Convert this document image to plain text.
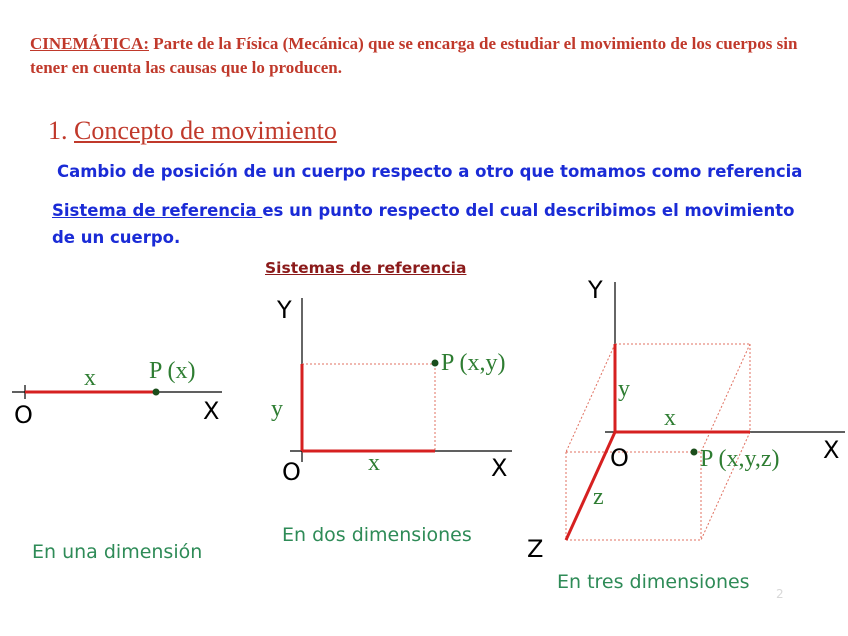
CINEMÁTICA: Parte de la Física (Mecánica) que se encarga de estudiar el movimiento de los cuerpos sin tener en cuenta las causas que lo producen.
1. Concepto de movimiento
Cambio de posición de un cuerpo respecto a otro que tomamos como referencia
Sistema de referencia es un punto respecto del cual describimos el movimiento de un cuerpo.
Sistemas de referencia
O	X
x P (x)
Y
X
O
y
x
P (x,y)
Y
X
Z
O
y
x
z
P (x,y,z)
En una dimensión
En dos dimensiones
En tres dimensiones
2
